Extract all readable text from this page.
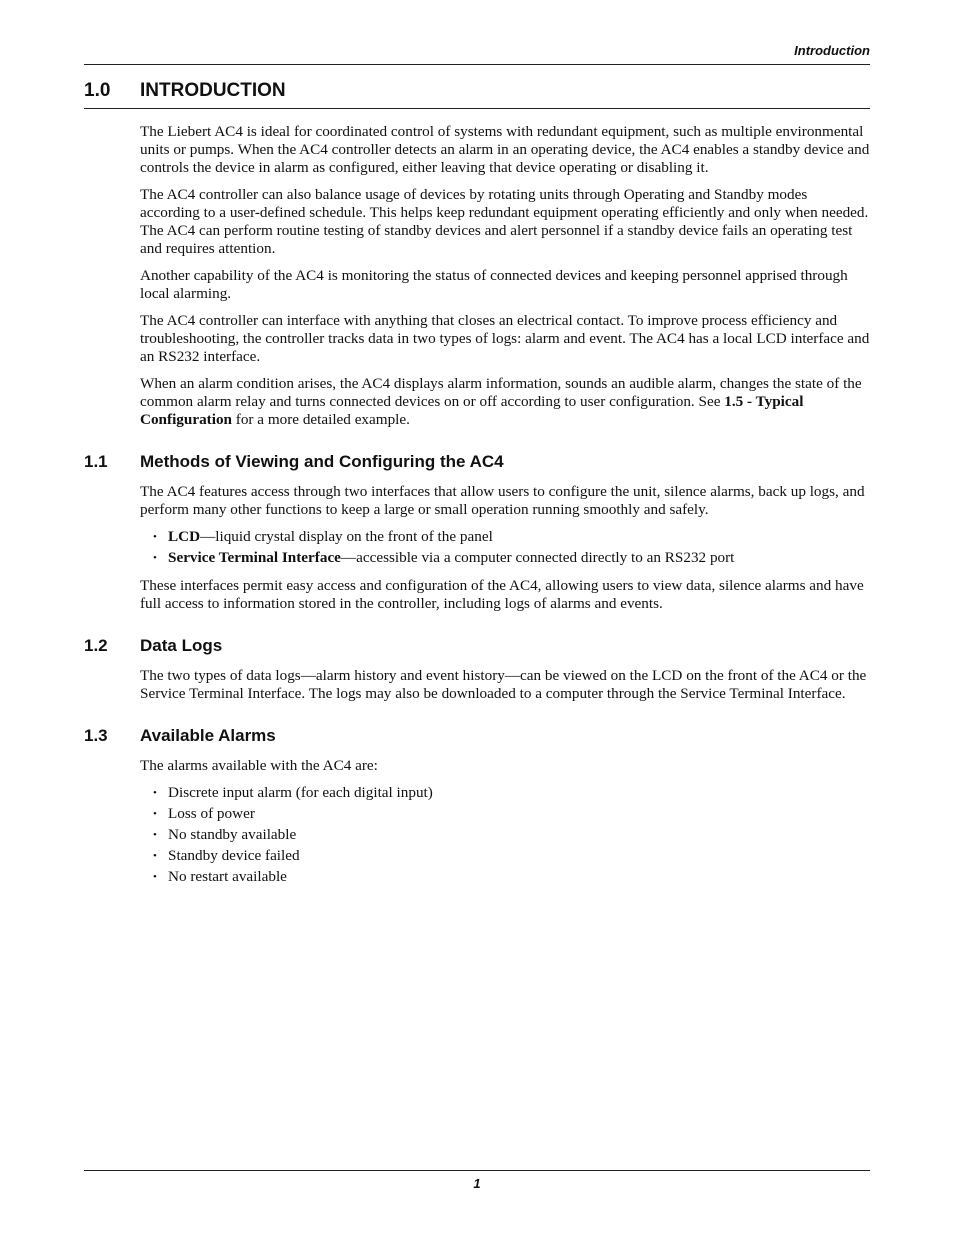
Introduction
1.0 INTRODUCTION

The Liebert AC4 is ideal for coordinated control of systems with redundant equipment, such as multiple environmental units or pumps. When the AC4 controller detects an alarm in an operating device, the AC4 enables a standby device and controls the device in alarm as configured, either leaving that device operating or disabling it.

The AC4 controller can also balance usage of devices by rotating units through Operating and Standby modes according to a user-defined schedule. This helps keep redundant equipment operating efficiently and only when needed. The AC4 can perform routine testing of standby devices and alert personnel if a standby device fails an operating test and requires attention.

Another capability of the AC4 is monitoring the status of connected devices and keeping personnel apprised through local alarming.

The AC4 controller can interface with anything that closes an electrical contact. To improve process efficiency and troubleshooting, the controller tracks data in two types of logs: alarm and event. The AC4 has a local LCD interface and an RS232 interface.

When an alarm condition arises, the AC4 displays alarm information, sounds an audible alarm, changes the state of the common alarm relay and turns connected devices on or off according to user configuration. See 1.5 - Typical Configuration for a more detailed example.

1.1 Methods of Viewing and Configuring the AC4

The AC4 features access through two interfaces that allow users to configure the unit, silence alarms, back up logs, and perform many other functions to keep a large or small operation running smoothly and safely.

• LCD—liquid crystal display on the front of the panel
• Service Terminal Interface—accessible via a computer connected directly to an RS232 port

These interfaces permit easy access and configuration of the AC4, allowing users to view data, silence alarms and have full access to information stored in the controller, including logs of alarms and events.

1.2 Data Logs

The two types of data logs—alarm history and event history—can be viewed on the LCD on the front of the AC4 or the Service Terminal Interface. The logs may also be downloaded to a computer through the Service Terminal Interface.

1.3 Available Alarms

The alarms available with the AC4 are:

• Discrete input alarm (for each digital input)
• Loss of power
• No standby available
• Standby device failed
• No restart available
1
